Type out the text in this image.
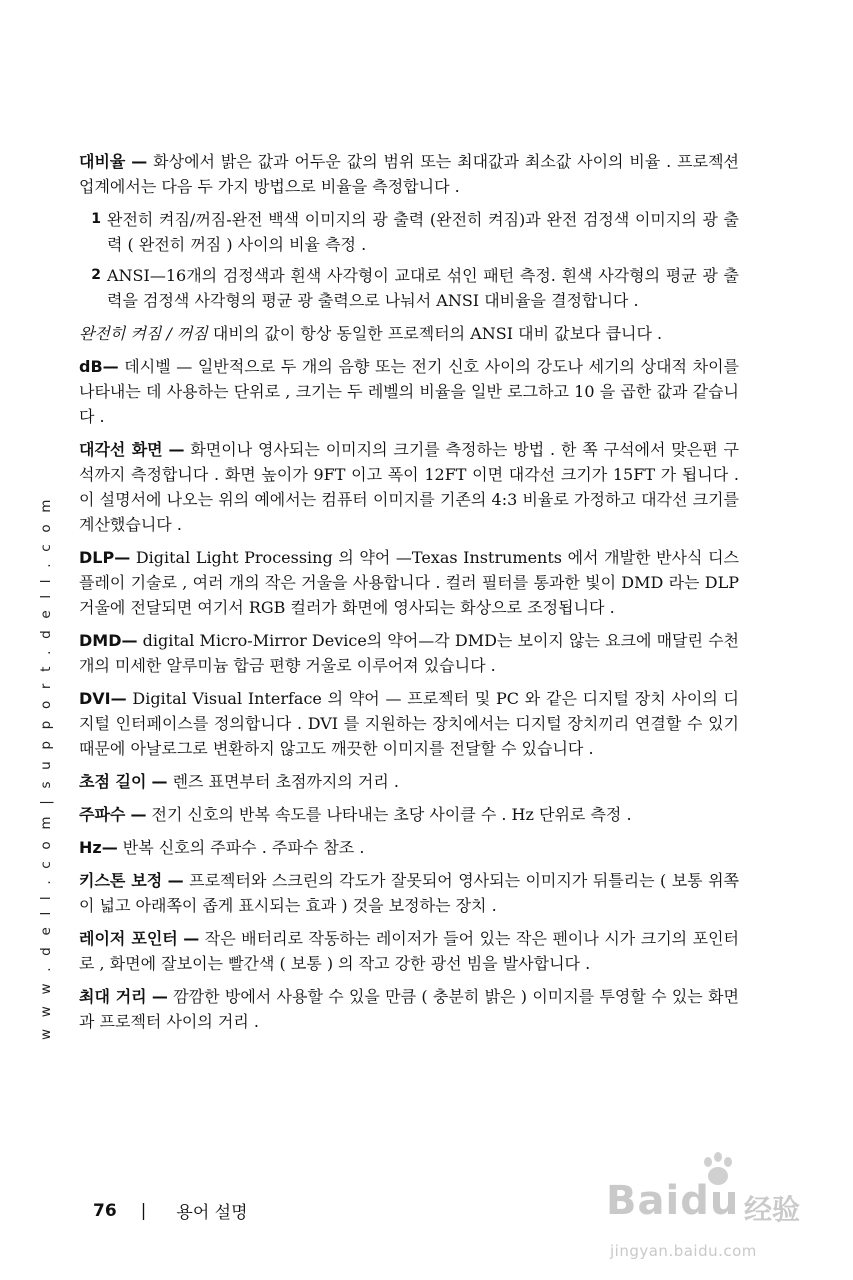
w w w . d e l l . c o m | s u p p o r t . d e l l . c o m

대비율 — 화상에서 밝은 값과 어두운 값의 범위 또는 최대값과 최소값 사이의 비율 . 프로젝션 업계에서는 다음 두 가지 방법으로 비율을 측정합니다 .

1 완전히 켜짐/꺼짐-완전 백색 이미지의 광 출력 (완전히 켜짐)과 완전 검정색 이미지의 광 출력 ( 완전히 꺼짐 ) 사이의 비율 측정 .
2 ANSI—16개의 검정색과 흰색 사각형이 교대로 섞인 패턴 측정. 흰색 사각형의 평균 광 출력을 검정색 사각형의 평균 광 출력으로 나눠서 ANSI 대비율을 결정합니다 .

완전히 켜짐 / 꺼짐 대비의 값이 항상 동일한 프로젝터의 ANSI 대비 값보다 큽니다 .

dB— 데시벨 — 일반적으로 두 개의 음향 또는 전기 신호 사이의 강도나 세기의 상대적 차이를 나타내는 데 사용하는 단위로 , 크기는 두 레벨의 비율을 일반 로그하고 10 을 곱한 값과 같습니다 .

대각선 화면 — 화면이나 영사되는 이미지의 크기를 측정하는 방법 . 한 쪽 구석에서 맞은편 구석까지 측정합니다 . 화면 높이가 9FT 이고 폭이 12FT 이면 대각선 크기가 15FT 가 됩니다 . 이 설명서에 나오는 위의 예에서는 컴퓨터 이미지를 기존의 4:3 비율로 가정하고 대각선 크기를 계산했습니다 .

DLP— Digital Light Processing 의 약어 —Texas Instruments 에서 개발한 반사식 디스플레이 기술로 , 여러 개의 작은 거울을 사용합니다 . 컬러 필터를 통과한 빛이 DMD 라는 DLP 거울에 전달되면 여기서 RGB 컬러가 화면에 영사되는 화상으로 조정됩니다 .

DMD— digital Micro-Mirror Device의 약어—각 DMD는 보이지 않는 요크에 매달린 수천 개의 미세한 알루미늄 합금 편향 거울로 이루어져 있습니다 .

DVI— Digital Visual Interface 의 약어 — 프로젝터 및 PC 와 같은 디지털 장치 사이의 디지털 인터페이스를 정의합니다 . DVI 를 지원하는 장치에서는 디지털 장치끼리 연결할 수 있기 때문에 아날로그로 변환하지 않고도 깨끗한 이미지를 전달할 수 있습니다 .

초점 길이 — 렌즈 표면부터 초점까지의 거리 .

주파수 — 전기 신호의 반복 속도를 나타내는 초당 사이클 수 . Hz 단위로 측정 .

Hz— 반복 신호의 주파수 . 주파수 참조 .

키스톤 보정 — 프로젝터와 스크린의 각도가 잘못되어 영사되는 이미지가 뒤틀리는 ( 보통 위쪽이 넓고 아래쪽이 좁게 표시되는 효과 ) 것을 보정하는 장치 .

레이저 포인터 — 작은 배터리로 작동하는 레이저가 들어 있는 작은 펜이나 시가 크기의 포인터로 , 화면에 잘보이는 빨간색 ( 보통 ) 의 작고 강한 광선 빔을 발사합니다 .

최대 거리 — 깜깜한 방에서 사용할 수 있을 만큼 ( 충분히 밝은 ) 이미지를 투영할 수 있는 화면과 프로젝터 사이의 거리 .

76 | 용어 설명	Baidu 经验
jingyan.baidu.com
